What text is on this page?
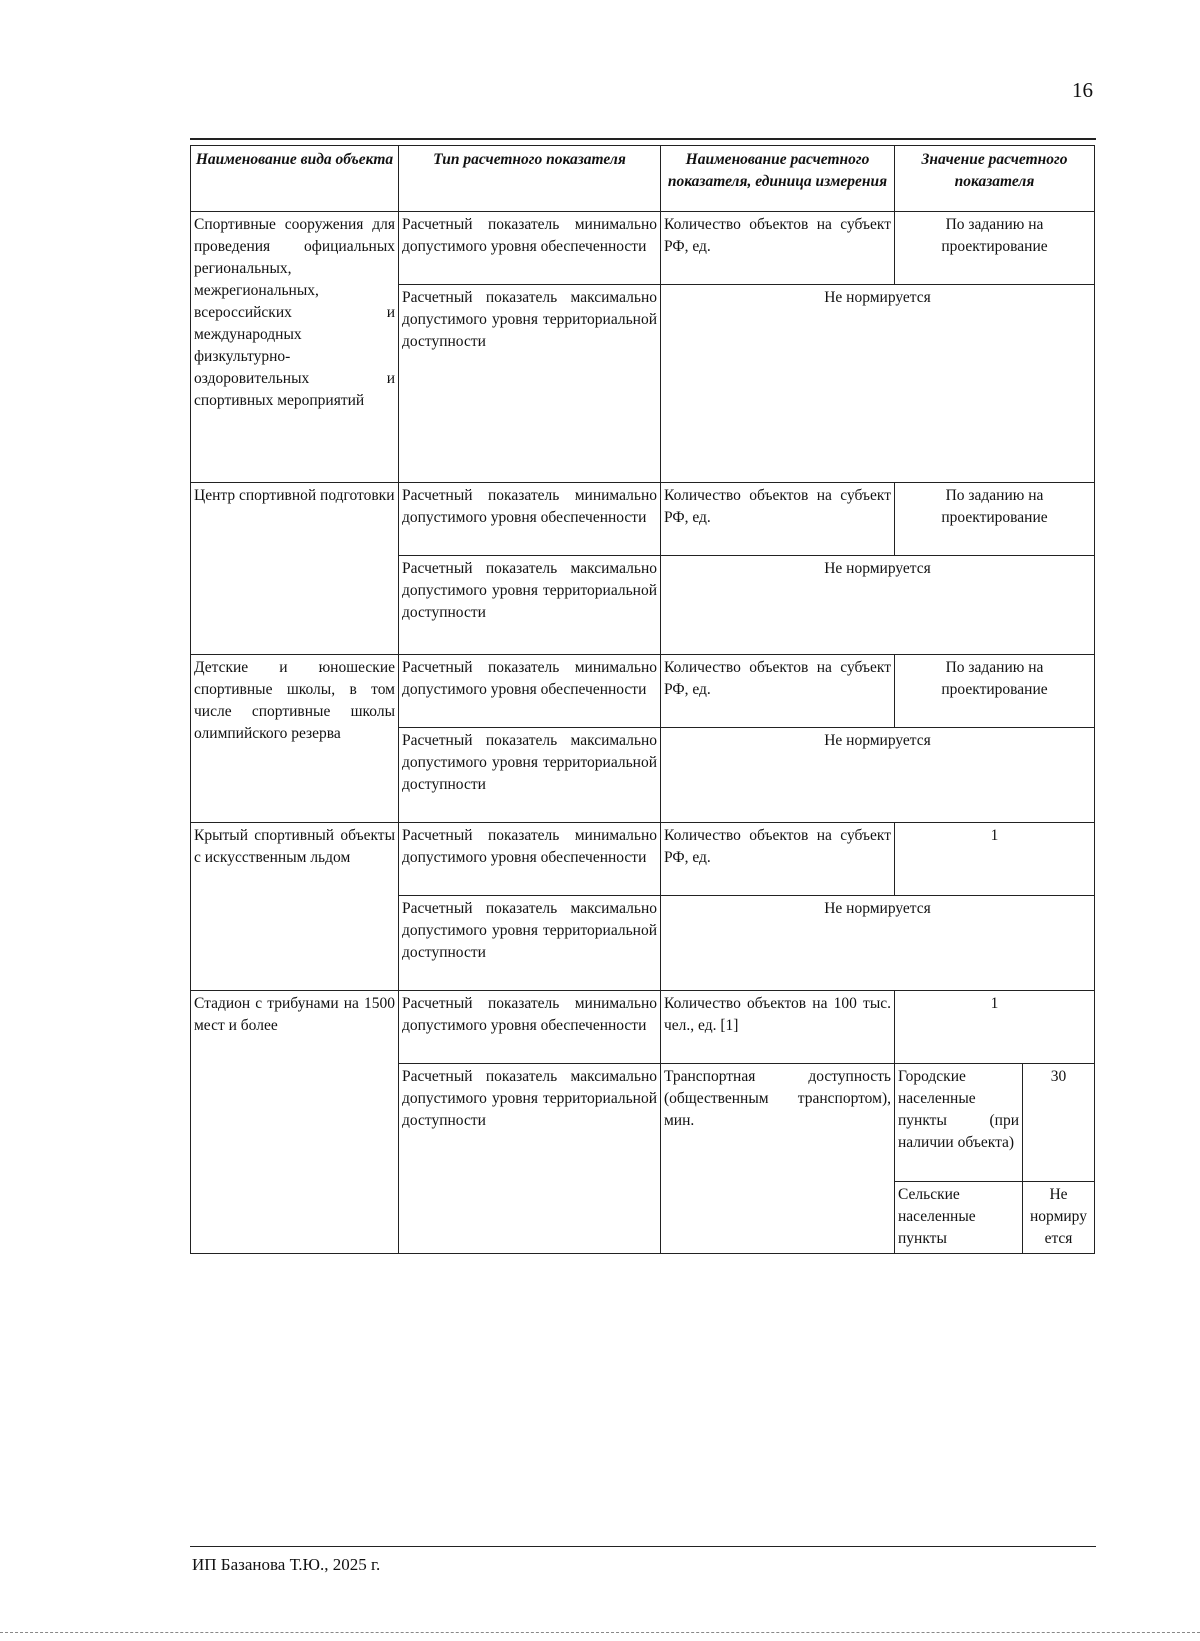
16
Наименование вида объекта	Тип расчетного показателя	Наименование расчетного показателя, единица измерения	Значение расчетного показателя	
Спортивные сооружения для проведения официальных региональных, межрегиональных, всероссийских и международных физкультурно-оздоровительных и спортивных мероприятий	Расчетный показатель минимально допустимого уровня обеспеченности	Количество объектов на субъект РФ, ед.	По заданию на проектирование	
	Расчетный показатель максимально допустимого уровня территориальной доступности	Не нормируется		
Центр спортивной подготовки	Расчетный показатель минимально допустимого уровня обеспеченности	Количество объектов на субъект РФ, ед.	По заданию на проектирование	
	Расчетный показатель максимально допустимого уровня территориальной доступности	Не нормируется		
Детские и юношеские спортивные школы, в том числе спортивные школы олимпийского резерва	Расчетный показатель минимально допустимого уровня обеспеченности	Количество объектов на субъект РФ, ед.	По заданию на проектирование	
	Расчетный показатель максимально допустимого уровня территориальной доступности	Не нормируется		
Крытый спортивный объекты с искусственным льдом	Расчетный показатель минимально допустимого уровня обеспеченности	Количество объектов на субъект РФ, ед.	1	
	Расчетный показатель максимально допустимого уровня территориальной доступности	Не нормируется		
Стадион с трибунами на 1500 мест и более	Расчетный показатель минимально допустимого уровня обеспеченности	Количество объектов на 100 тыс. чел., ед. [1]	1	
	Расчетный показатель максимально допустимого уровня территориальной доступности	Транспортная доступность (общественным транспортом), мин.	Городские населенные пункты (при наличии объекта)	30
			Сельские населенные пункты	Не нормиру ется
ИП Базанова Т.Ю., 2025 г.
